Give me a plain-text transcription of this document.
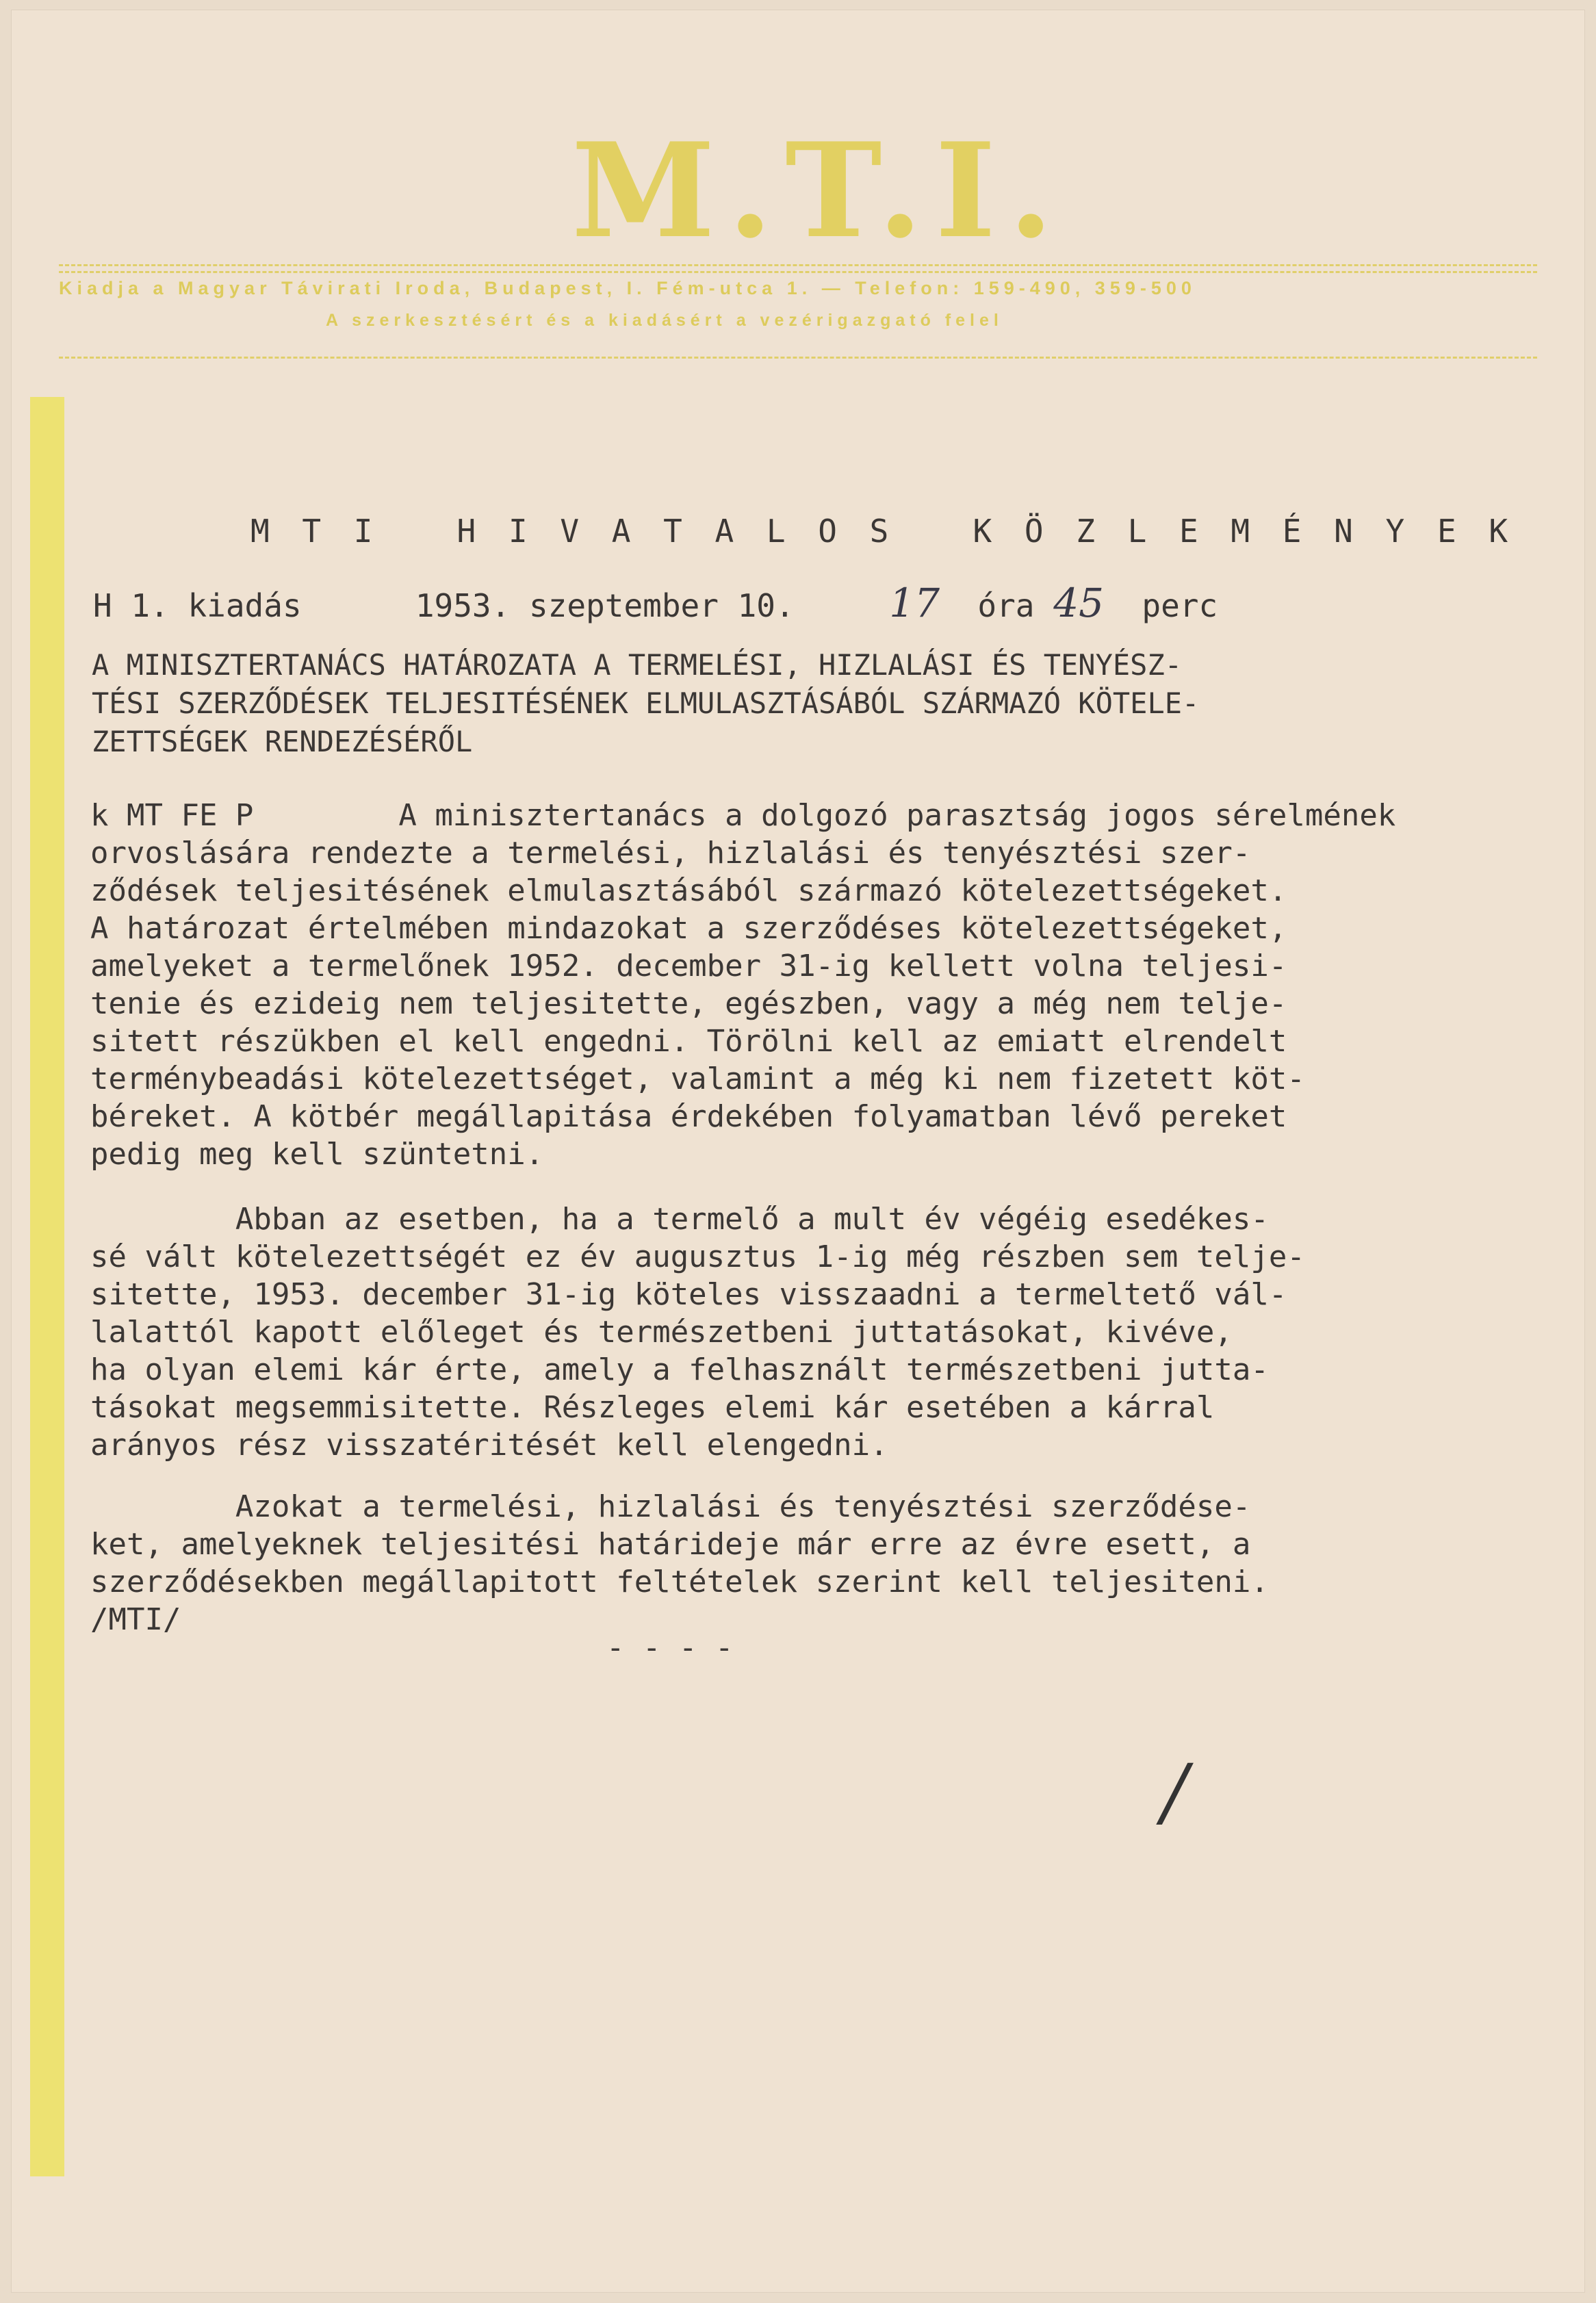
M.T.I.
Kiadja a Magyar Távirati Iroda, Budapest, I. Fém-utca 1. — Telefon: 159-490, 359-500
A szerkesztésért és a kiadásért a vezérigazgató felel
M T I   H I V A T A L O S   K Ö Z L E M É N Y E K
H 1. kiadás	1953. szeptember 10. 17 óra 45 perc
A MINISZTERTANÁCS HATÁROZATA A TERMELÉSI, HIZLALÁSI ÉS TENYÉSZ-
TÉSI SZERZŐDÉSEK TELJESITÉSÉNEK ELMULASZTÁSÁBÓL SZÁRMAZÓ KÖTELE-
ZETTSÉGEK RENDEZÉSÉRŐL
k MT FE P        A minisztertanács a dolgozó parasztság jogos sérelmének
orvoslására rendezte a termelési, hizlalási és tenyésztési szer-
ződések teljesitésének elmulasztásából származó kötelezettségeket.
A határozat értelmében mindazokat a szerződéses kötelezettségeket,
amelyeket a termelőnek 1952. december 31-ig kellett volna teljesi-
tenie és ezideig nem teljesitette, egészben, vagy a még nem telje-
sitett részükben el kell engedni. Törölni kell az emiatt elrendelt
terménybeadási kötelezettséget, valamint a még ki nem fizetett köt-
béreket. A kötbér megállapitása érdekében folyamatban lévő pereket
pedig meg kell szüntetni.
Abban az esetben, ha a termelő a mult év végéig esedékes-
sé vált kötelezettségét ez év augusztus 1-ig még részben sem telje-
sitette, 1953. december 31-ig köteles visszaadni a termeltető vál-
lalattól kapott előleget és természetbeni juttatásokat, kivéve,
ha olyan elemi kár érte, amely a felhasznált természetbeni jutta-
tásokat megsemmisitette. Részleges elemi kár esetében a kárral
arányos rész visszatéritését kell elengedni.
Azokat a termelési, hizlalási és tenyésztési szerződése-
ket, amelyeknek teljesitési határideje már erre az évre esett, a
szerződésekben megállapitott feltételek szerint kell teljesiteni.
/MTI/
- - - -
/
